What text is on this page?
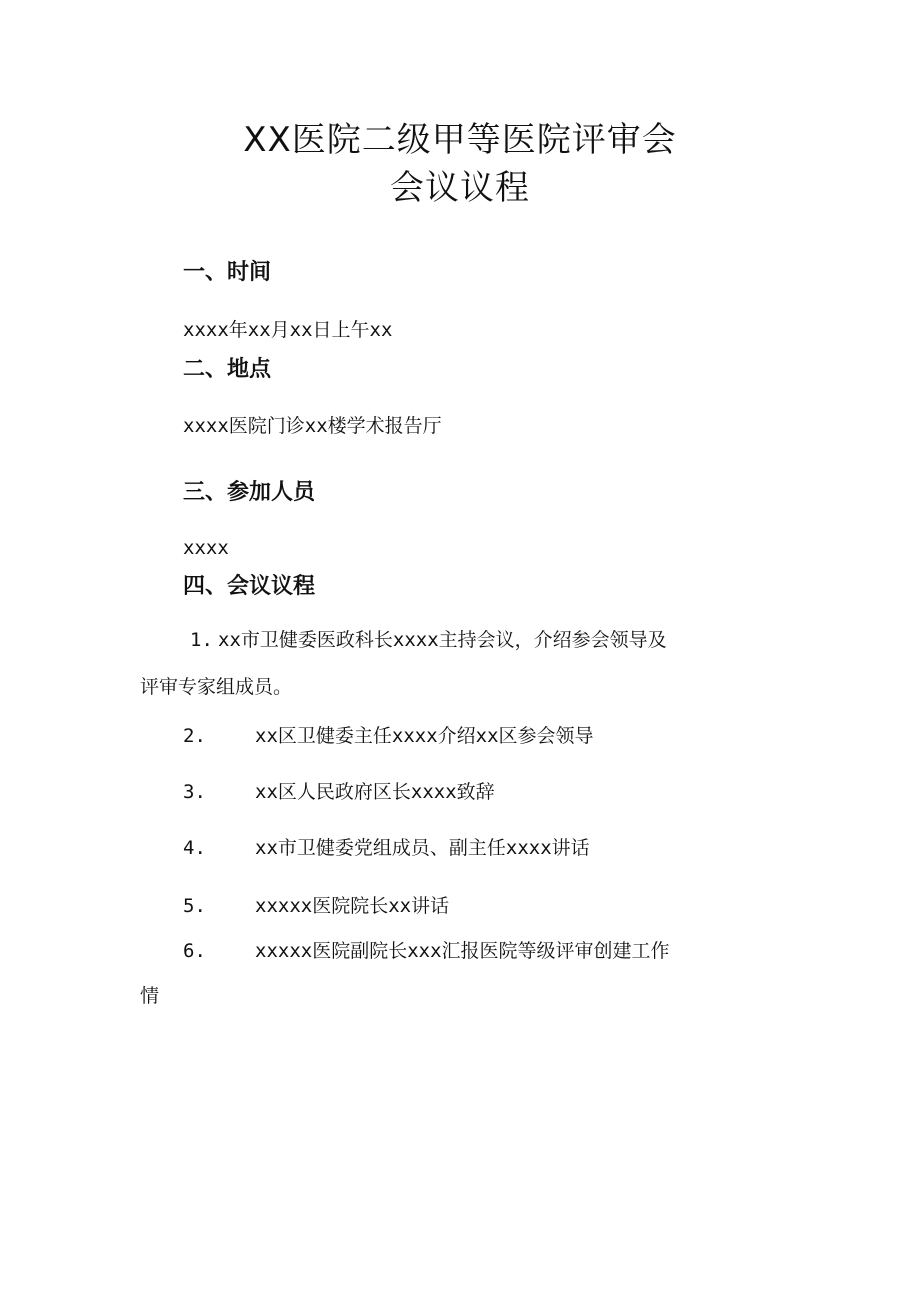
XX医院二级甲等医院评审会
会议议程
一、时间

xxxx年xx月xx日上午xx

二、地点

xxxx医院门诊xx楼学术报告厅

三、参加人员

xxxx

四、会议议程

1. xx市卫健委医政科长xxxx主持会议，介绍参会领导及

评审专家组成员。

2.	xx区卫健委主任xxxx介绍xx区参会领导

3.	xx区人民政府区长xxxx致辞

4.	xx市卫健委党组成员、副主任xxxx讲话

5.	xxxxx医院院长xx讲话

6.	xxxxx医院副院长xxx汇报医院等级评审创建工作

情
